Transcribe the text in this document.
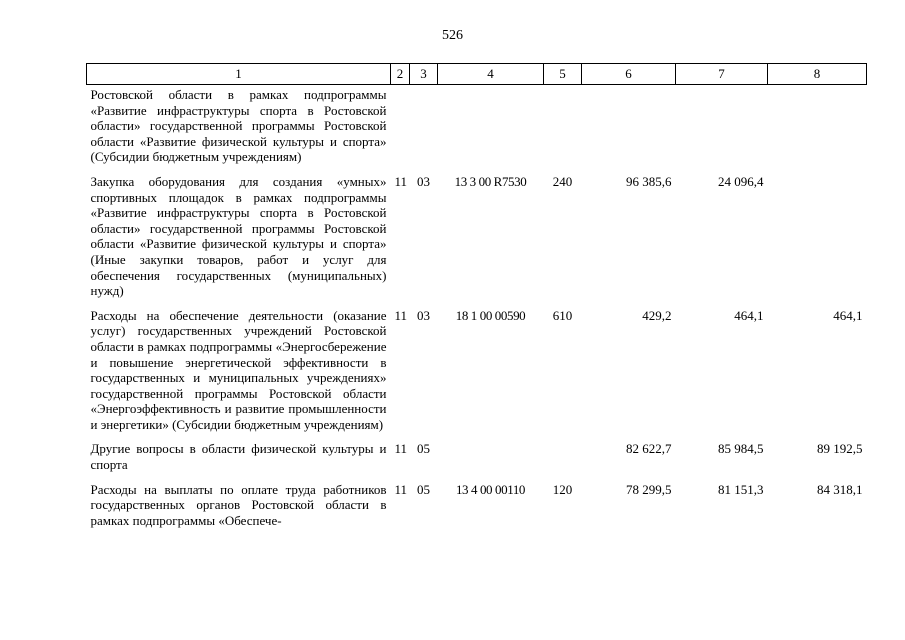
526
1	2	3	4	5	6	7	8
Ростовской области в рамках подпрограммы «Развитие инфраструктуры спорта в Ростовской области» государственной программы Ростовской области «Развитие физической культуры и спорта» (Субсидии бюджетным учреждениям)							
Закупка оборудования для создания «умных» спортивных площадок в рамках подпрограммы «Развитие инфраструктуры спорта в Ростовской области» государственной программы Ростовской области «Развитие физической культуры и спорта» (Иные закупки товаров, работ и услуг для обеспечения государственных (муниципальных) нужд)	11	03	13 3 00 R7530	240	96 385,6	24 096,4	
Расходы на обеспечение деятельности (оказание услуг) государственных учреждений Ростовской области в рамках подпрограммы «Энергосбережение и повышение энергетической эффективности в государственных и муниципальных учреждениях» государственной программы Ростовской области «Энергоэффективность и развитие промышленности и энергетики» (Субсидии бюджетным учреждениям)	11	03	18 1 00 00590	610	429,2	464,1	464,1
Другие вопросы в области физической культуры и спорта	11	05			82 622,7	85 984,5	89 192,5
Расходы на выплаты по оплате труда работников государственных органов Ростовской области в рамках подпрограммы «Обеспече-	11	05	13 4 00 00110	120	78 299,5	81 151,3	84 318,1
